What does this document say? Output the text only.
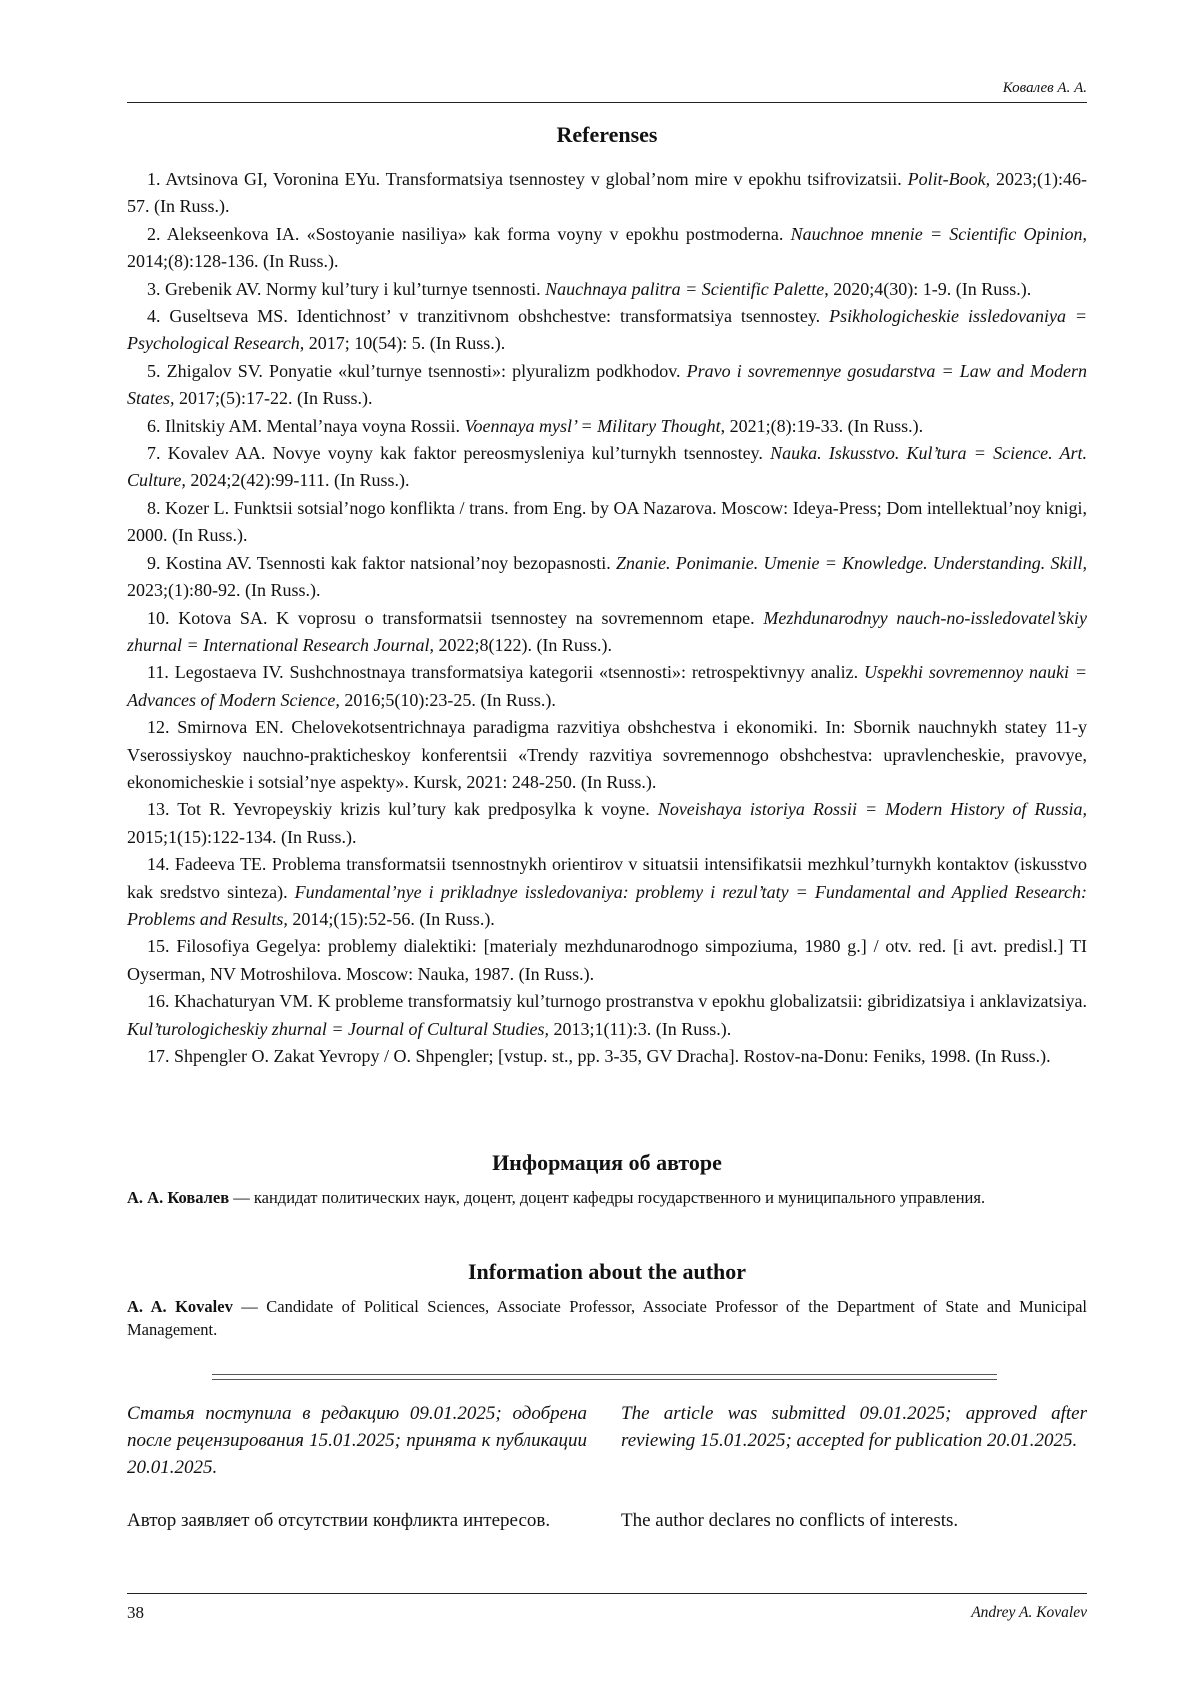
Ковалев А. А.
Referenses
1. Avtsinova GI, Voronina EYu. Transformatsiya tsennostey v global’nom mire v epokhu tsifrovizatsii. Polit-Book, 2023;(1):46-57. (In Russ.).
2. Alekseenkova IA. «Sostoyanie nasiliya» kak forma voyny v epokhu postmoderna. Nauchnoe mnenie = Scientific Opinion, 2014;(8):128-136. (In Russ.).
3. Grebenik AV. Normy kul’tury i kul’turnye tsennosti. Nauchnaya palitra = Scientific Palette, 2020;4(30): 1-9. (In Russ.).
4. Guseltseva MS. Identichnost’ v tranzitivnom obshchestve: transformatsiya tsennostey. Psikhologicheskie issledovaniya = Psychological Research, 2017; 10(54): 5. (In Russ.).
5. Zhigalov SV. Ponyatie «kul’turnye tsennosti»: plyuralizm podkhodov. Pravo i sovremennye gosudarstva = Law and Modern States, 2017;(5):17-22. (In Russ.).
6. Ilnitskiy AM. Mental’naya voyna Rossii. Voennaya mysl’ = Military Thought, 2021;(8):19-33. (In Russ.).
7. Kovalev AA. Novye voyny kak faktor pereosmysleniya kul’turnykh tsennostey. Nauka. Iskusstvo. Kul’tura = Science. Art. Culture, 2024;2(42):99-111. (In Russ.).
8. Kozer L. Funktsii sotsial’nogo konflikta / trans. from Eng. by OA Nazarova. Moscow: Ideya-Press; Dom intellektual’noy knigi, 2000. (In Russ.).
9. Kostina AV. Tsennosti kak faktor natsional’noy bezopasnosti. Znanie. Ponimanie. Umenie = Knowledge. Understanding. Skill, 2023;(1):80-92. (In Russ.).
10. Kotova SA. K voprosu o transformatsii tsennostey na sovremennom etape. Mezhdunarodnyy nauch-no-issledovatel’skiy zhurnal = International Research Journal, 2022;8(122). (In Russ.).
11. Legostaeva IV. Sushchnostnaya transformatsiya kategorii «tsennosti»: retrospektivnyy analiz. Uspekhi sovremennoy nauki = Advances of Modern Science, 2016;5(10):23-25. (In Russ.).
12. Smirnova EN. Chelovekotsentrichnaya paradigma razvitiya obshchestva i ekonomiki. In: Sbornik nauchnykh statey 11-y Vserossiyskoy nauchno-prakticheskoy konferentsii «Trendy razvitiya sovremennogo obshchestva: upravlencheskie, pravovye, ekonomicheskie i sotsial’nye aspekty». Kursk, 2021: 248-250. (In Russ.).
13. Tot R. Yevropeyskiy krizis kul’tury kak predposylka k voyne. Noveishaya istoriya Rossii = Modern History of Russia, 2015;1(15):122-134. (In Russ.).
14. Fadeeva TE. Problema transformatsii tsennostnykh orientirov v situatsii intensifikatsii mezhkul’turnykh kontaktov (iskusstvo kak sredstvo sinteza). Fundamental’nye i prikladnye issledovaniya: problemy i rezul’taty = Fundamental and Applied Research: Problems and Results, 2014;(15):52-56. (In Russ.).
15. Filosofiya Gegelya: problemy dialektiki: [materialy mezhdunarodnogo simpoziuma, 1980 g.] / otv. red. [i avt. predisl.] TI Oyserman, NV Motroshilova. Moscow: Nauka, 1987. (In Russ.).
16. Khachaturyan VM. K probleme transformatsiy kul’turnogo prostranstva v epokhu globalizatsii: gibridizatsiya i anklavizatsiya. Kul’turologicheskiy zhurnal = Journal of Cultural Studies, 2013;1(11):3. (In Russ.).
17. Shpengler O. Zakat Yevropy / O. Shpengler; [vstup. st., pp. 3-35, GV Dracha]. Rostov-na-Donu: Feniks, 1998. (In Russ.).
Информация об авторе

А. А. Ковалев — кандидат политических наук, доцент, доцент кафедры государственного и муниципального управления.

Information about the author

A. A. Kovalev — Candidate of Political Sciences, Associate Professor, Associate Professor of the Department of State and Municipal Management.

Статья поступила в редакцию 09.01.2025; одобрена после рецензирования 15.01.2025; принята к публикации 20.01.2025.

The article was submitted 09.01.2025; approved after reviewing 15.01.2025; accepted for publication 20.01.2025.

Автор заявляет об отсутствии конфликта интересов.	The author declares no conflicts of interests.

38	Andrey A. Kovalev
